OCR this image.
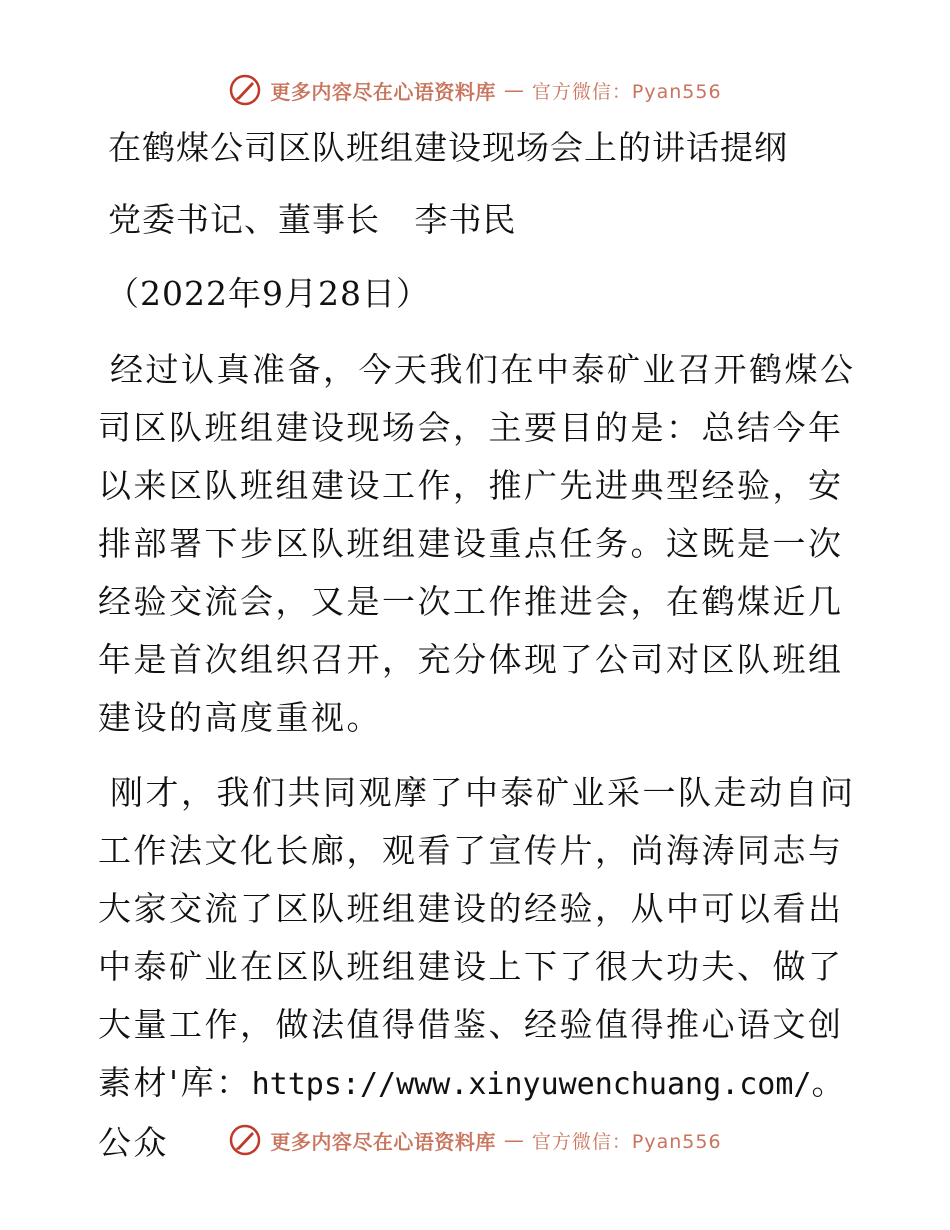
更多内容尽在心语资料库 — 官方微信：Pyan556
在鹤煤公司区队班组建设现场会上的讲话提纲
党委书记、董事长   李书民
（2022年9月28日）

经过认真准备，今天我们在中泰矿业召开鹤煤公司区队班组建设现场会，主要目的是：总结今年以来区队班组建设工作，推广先进典型经验，安排部署下步区队班组建设重点任务。这既是一次经验交流会，又是一次工作推进会，在鹤煤近几年是首次组织召开，充分体现了公司对区队班组建设的高度重视。

刚才，我们共同观摩了中泰矿业采一队走动自问工作法文化长廊，观看了宣传片，尚海涛同志与大家交流了区队班组建设的经验，从中可以看出中泰矿业在区队班组建设上下了很大功夫、做了大量工作，做法值得借鉴、经验值得推心语文创素材'库：https://www.xinyuwenchuang.com/。公众	更多内容尽在心语资料库 — 官方微信：Pyan556
